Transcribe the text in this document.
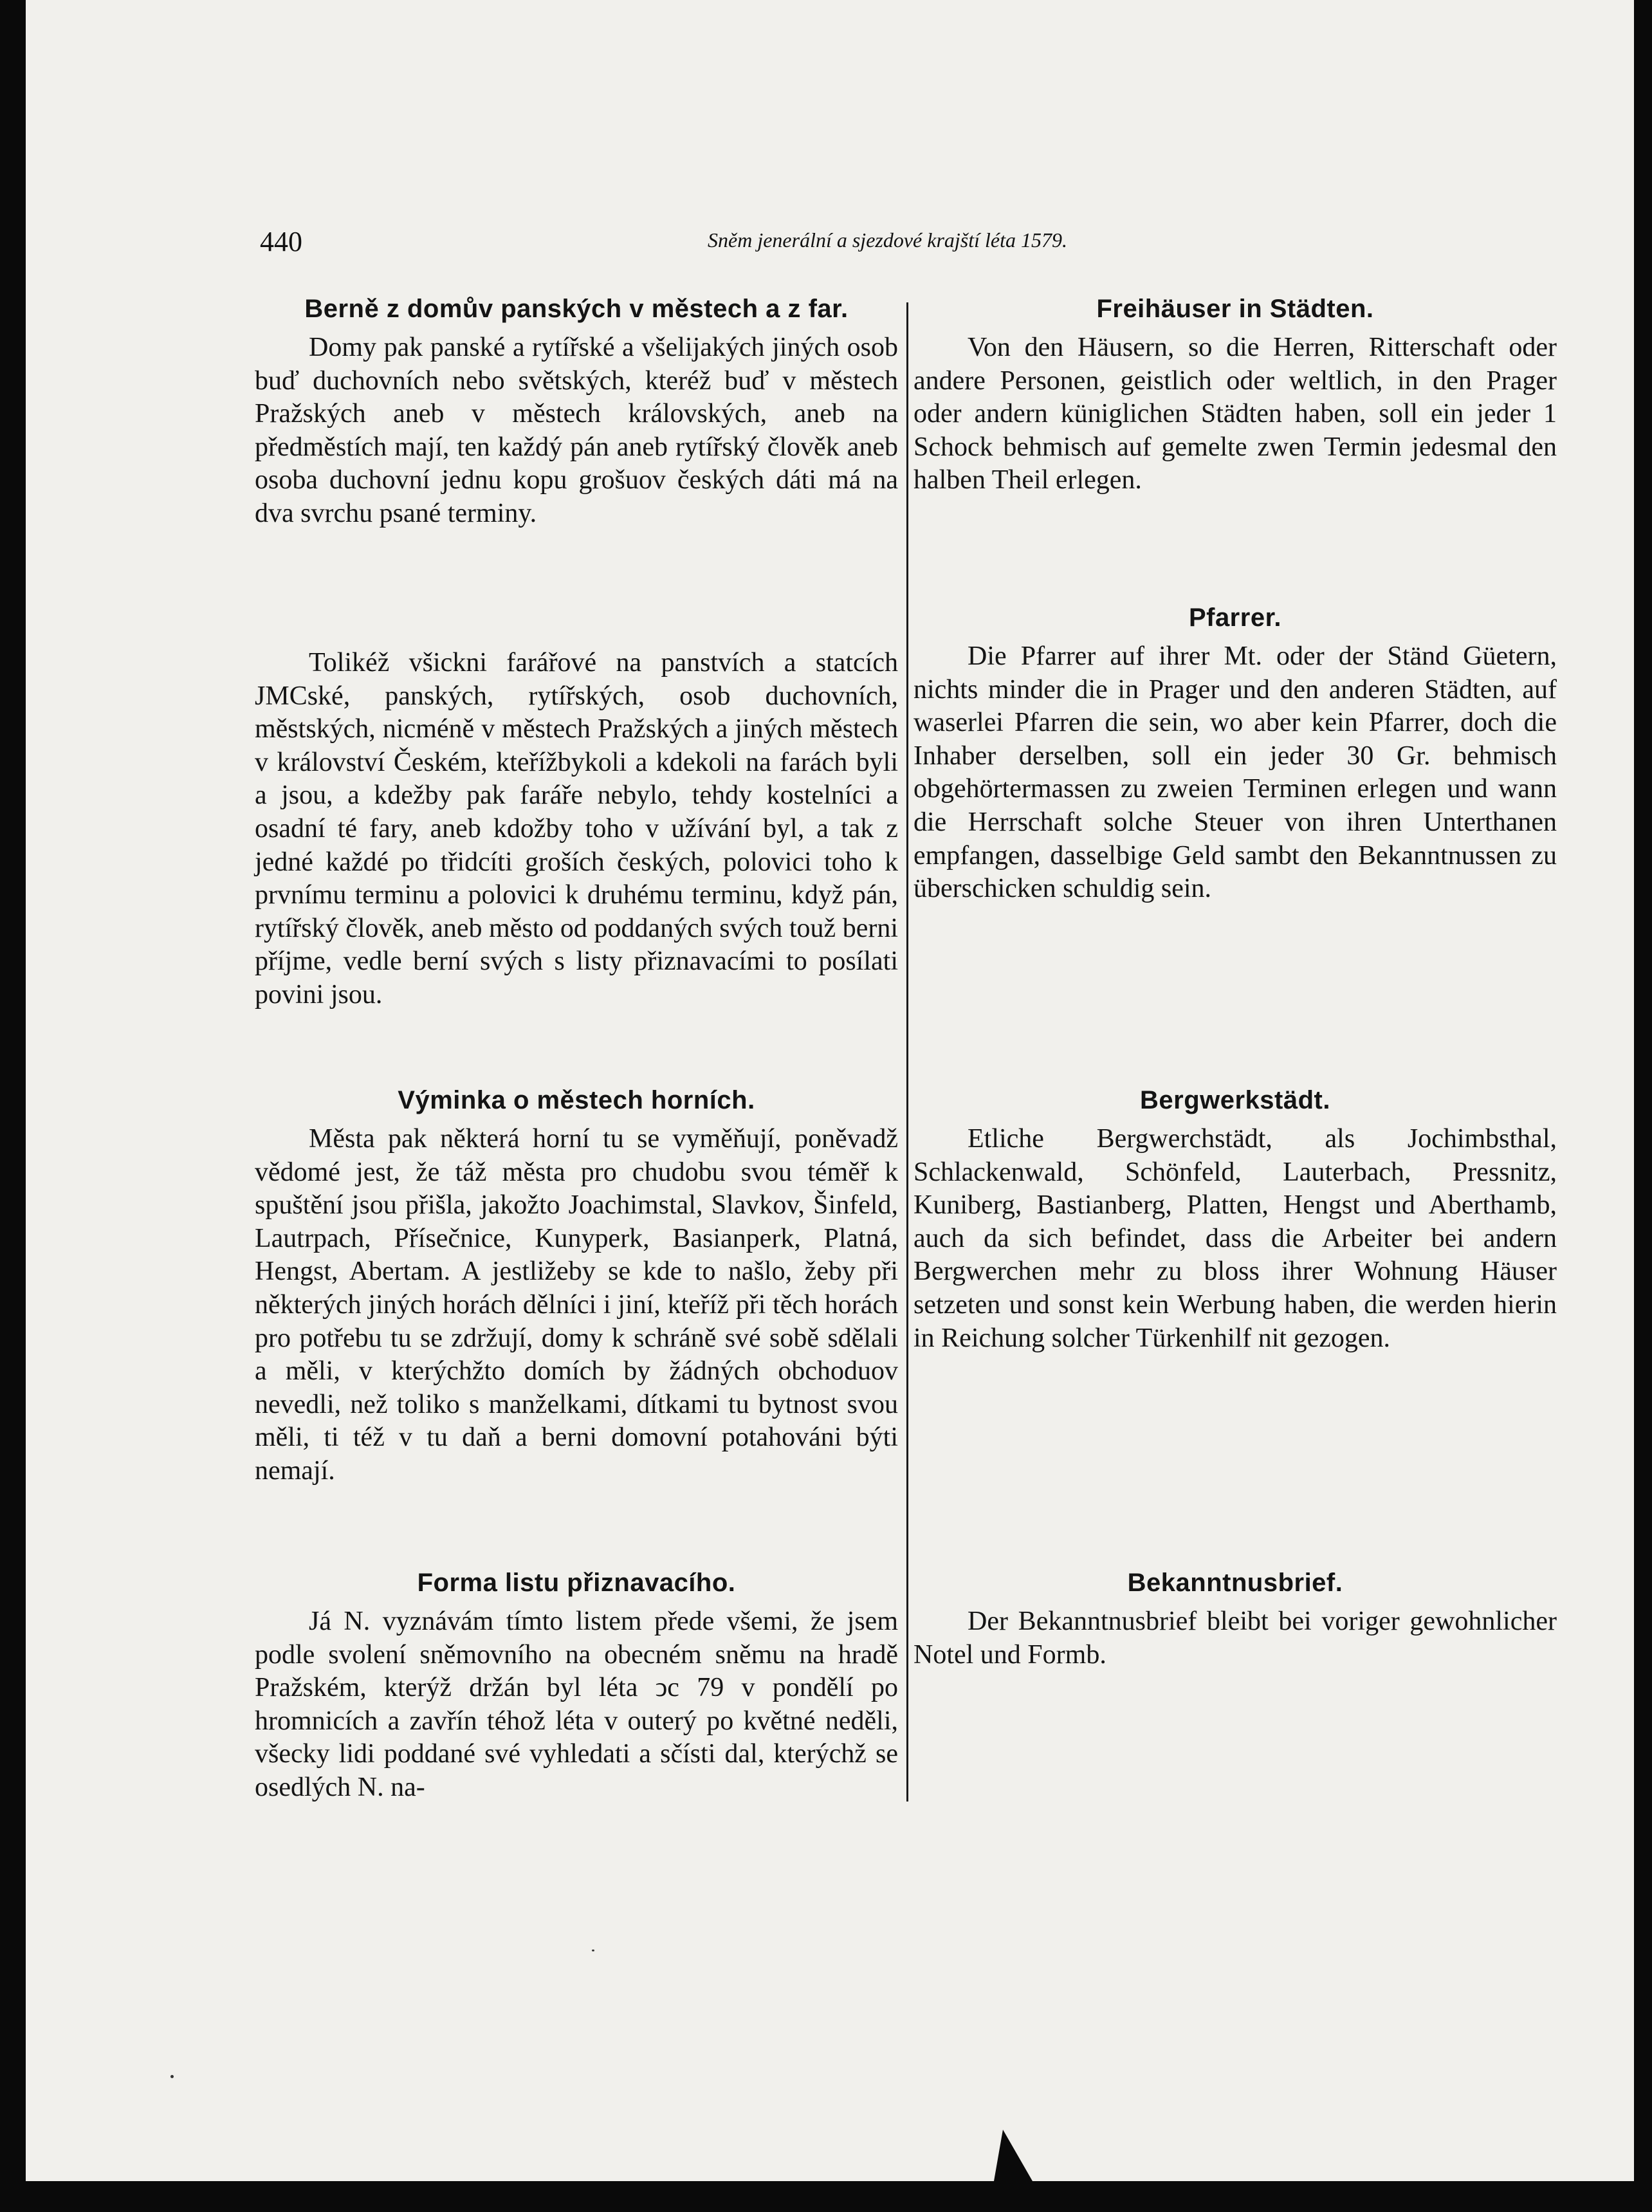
440	Sněm jenerální a sjezdové krajští léta 1579.
Berně z domův panských v městech a z far.

Domy pak panské a rytířské a všelijakých jiných osob buď duchovních nebo světských, kteréž buď v městech Pražských aneb v městech královských, aneb na předměstích mají, ten každý pán aneb rytířský člověk aneb osoba duchovní jednu kopu grošuov českých dáti má na dva svrchu psané terminy.

Tolikéž všickni farářové na panstvích a statcích JMCské, panských, rytířských, osob duchovních, městských, nicméně v městech Pražských a jiných městech v království Českém, kteřížbykoli a kdekoli na farách byli a jsou, a kdežby pak faráře nebylo, tehdy kostelníci a osadní té fary, aneb kdožby toho v užívání byl, a tak z jedné každé po třidcíti groších českých, polovici toho k prvnímu terminu a polovici k druhému terminu, když pán, rytířský člověk, aneb město od poddaných svých touž berni příjme, vedle berní svých s listy přiznavacími to posílati povini jsou.

Výminka o městech horních.

Města pak některá horní tu se vyměňují, poněvadž vědomé jest, že táž města pro chudobu svou téměř k spuštění jsou přišla, jakožto Joachimstal, Slavkov, Šinfeld, Lautrpach, Přísečnice, Kunyperk, Basianperk, Platná, Hengst, Abertam. A jestližeby se kde to našlo, žeby při některých jiných horách dělníci i jiní, kteříž při těch horách pro potřebu tu se zdržují, domy k schráně své sobě sdělali a měli, v kterýchžto domích by žádných obchoduov nevedli, než toliko s manželkami, dítkami tu bytnost svou měli, ti též v tu daň a berni domovní potahováni býti nemají.

Forma listu přiznavacího.

Já N. vyznávám tímto listem přede všemi, že jsem podle svolení sněmovního na obecném sněmu na hradě Pražském, kterýž držán byl léta ͻc 79 v pondělí po hromnicích a zavřín téhož léta v outerý po květné neděli, všecky lidi poddané své vyhledati a sčísti dal, kterýchž se osedlých N. na-

Freihäuser in Städten.

Von den Häusern, so die Herren, Ritterschaft oder andere Personen, geistlich oder weltlich, in den Prager oder andern küniglichen Städten haben, soll ein jeder 1 Schock behmisch auf gemelte zwen Termin jedesmal den halben Theil erlegen.

Pfarrer.

Die Pfarrer auf ihrer Mt. oder der Ständ Güetern, nichts minder die in Prager und den anderen Städten, auf waserlei Pfarren die sein, wo aber kein Pfarrer, doch die Inhaber derselben, soll ein jeder 30 Gr. behmisch obgehörtermassen zu zweien Terminen erlegen und wann die Herrschaft solche Steuer von ihren Unterthanen empfangen, dasselbige Geld sambt den Bekanntnussen zu überschicken schuldig sein.

Bergwerkstädt.

Etliche Bergwerchstädt, als Jochimbsthal, Schlackenwald, Schönfeld, Lauterbach, Pressnitz, Kuniberg, Bastianberg, Platten, Hengst und Aberthamb, auch da sich befindet, dass die Arbeiter bei andern Bergwerchen mehr zu bloss ihrer Wohnung Häuser setzeten und sonst kein Werbung haben, die werden hierin in Reichung solcher Türkenhilf nit gezogen.

Bekanntnusbrief.

Der Bekanntnusbrief bleibt bei voriger gewohnlicher Notel und Formb.
